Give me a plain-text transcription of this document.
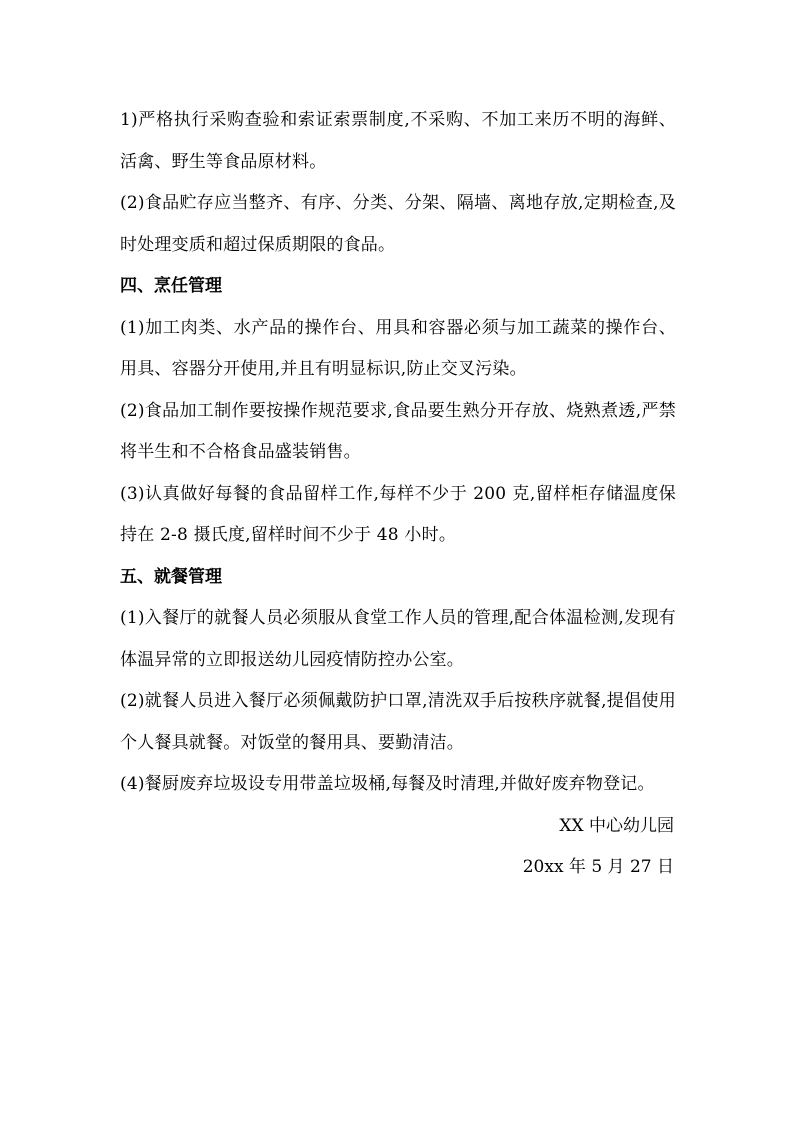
1)严格执行采购查验和索证索票制度,不采购、不加工来历不明的海鲜、活禽、野生等食品原材料。

(2)食品贮存应当整齐、有序、分类、分架、隔墙、离地存放,定期检查,及时处理变质和超过保质期限的食品。

四、烹任管理

(1)加工肉类、水产品的操作台、用具和容器必须与加工蔬菜的操作台、用具、容器分开使用,并且有明显标识,防止交叉污染。

(2)食品加工制作要按操作规范要求,食品要生熟分开存放、烧熟煮透,严禁将半生和不合格食品盛装销售。

(3)认真做好每餐的食品留样工作,每样不少于 200 克,留样柜存储温度保持在 2-8 摄氏度,留样时间不少于 48 小时。

五、就餐管理

(1)入餐厅的就餐人员必须服从食堂工作人员的管理,配合体温检测,发现有体温异常的立即报送幼儿园疫情防控办公室。

(2)就餐人员进入餐厅必须佩戴防护口罩,清洗双手后按秩序就餐,提倡使用个人餐具就餐。对饭堂的餐用具、要勤清洁。

(4)餐厨废弃垃圾设专用带盖垃圾桶,每餐及时清理,并做好废弃物登记。

XX 中心幼儿园

20xx 年 5 月 27 日
